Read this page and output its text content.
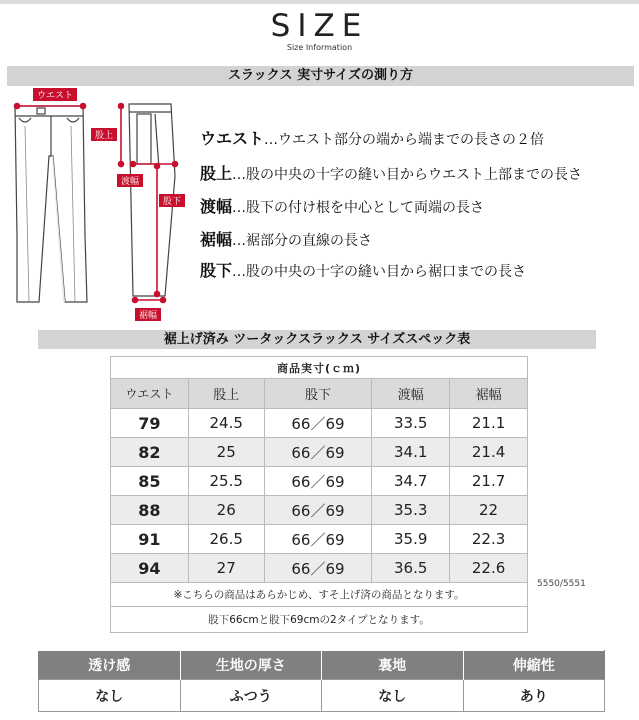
SIZE
Size Information
スラックス 実寸サイズの測り方
ウエスト
股上
渡幅
股下
裾幅
ウエスト…ウエスト部分の端から端までの長さの２倍
股上…股の中央の十字の縫い目からウエスト上部までの長さ
渡幅…股下の付け根を中心として両端の長さ
裾幅…裾部分の直線の長さ
股下…股の中央の十字の縫い目から裾口までの長さ
裾上げ済み ツータックスラックス サイズスペック表
商品実寸(ｃｍ)				
ウエスト	股上	股下	渡幅	裾幅
79	24.5	66／69	33.5	21.1
82	25	66／69	34.1	21.4
85	25.5	66／69	34.7	21.7
88	26	66／69	35.3	22
91	26.5	66／69	35.9	22.3
94	27	66／69	36.5	22.6
※こちらの商品はあらかじめ、すそ上げ済の商品となります。				
股下66cmと股下69cmの2タイプとなります。				
5550/5551
透け感	生地の厚さ	裏地	伸縮性
なし	ふつう	なし	あり
